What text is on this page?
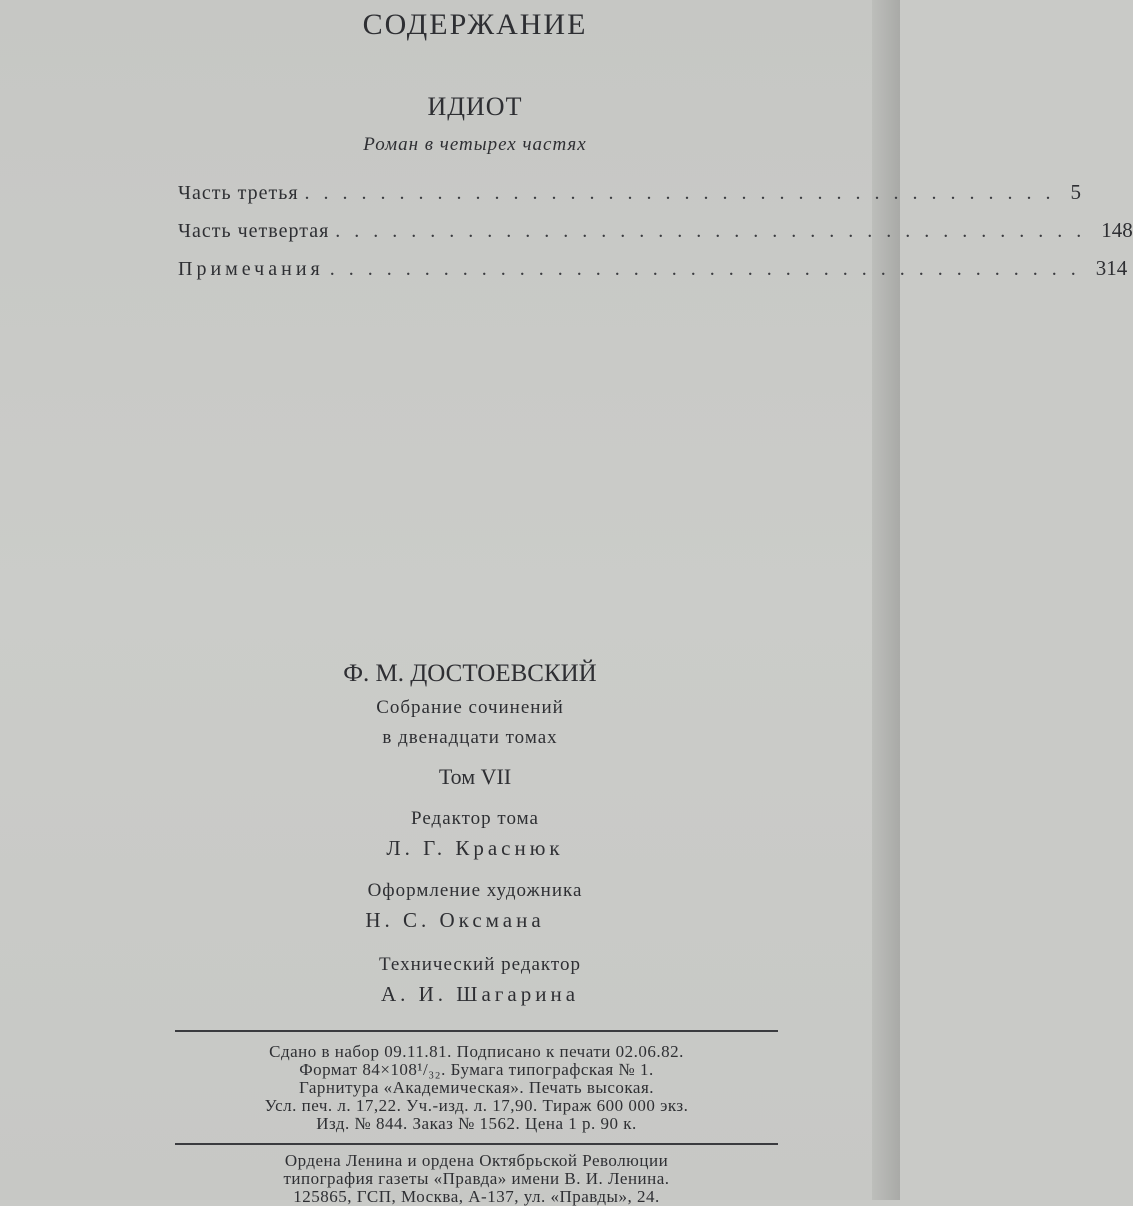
СОДЕРЖАНИЕ
ИДИОТ
Роман в четырех частях
Часть третья ........................................ 5
Часть четвертая ........................................ 148
Примечания ........................................ 314
Ф. М. ДОСТОЕВСКИЙ
Собрание сочинений
в двенадцати томах
Том VII
Редактор тома
Л. Г. Краснюк
Оформление художника
Н. С. Оксмана
Технический редактор
А. И. Шагарина
Сдано в набор 09.11.81. Подписано к печати 02.06.82.
Формат 84×108¹/₃₂. Бумага типографская № 1.
Гарнитура «Академическая». Печать высокая.
Усл. печ. л. 17,22. Уч.-изд. л. 17,90. Тираж 600 000 экз.
Изд. № 844. Заказ № 1562. Цена 1 р. 90 к.
Ордена Ленина и ордена Октябрьской Революции
типография газеты «Правда» имени В. И. Ленина.
125865, ГСП, Москва, А-137, ул. «Правды», 24.
